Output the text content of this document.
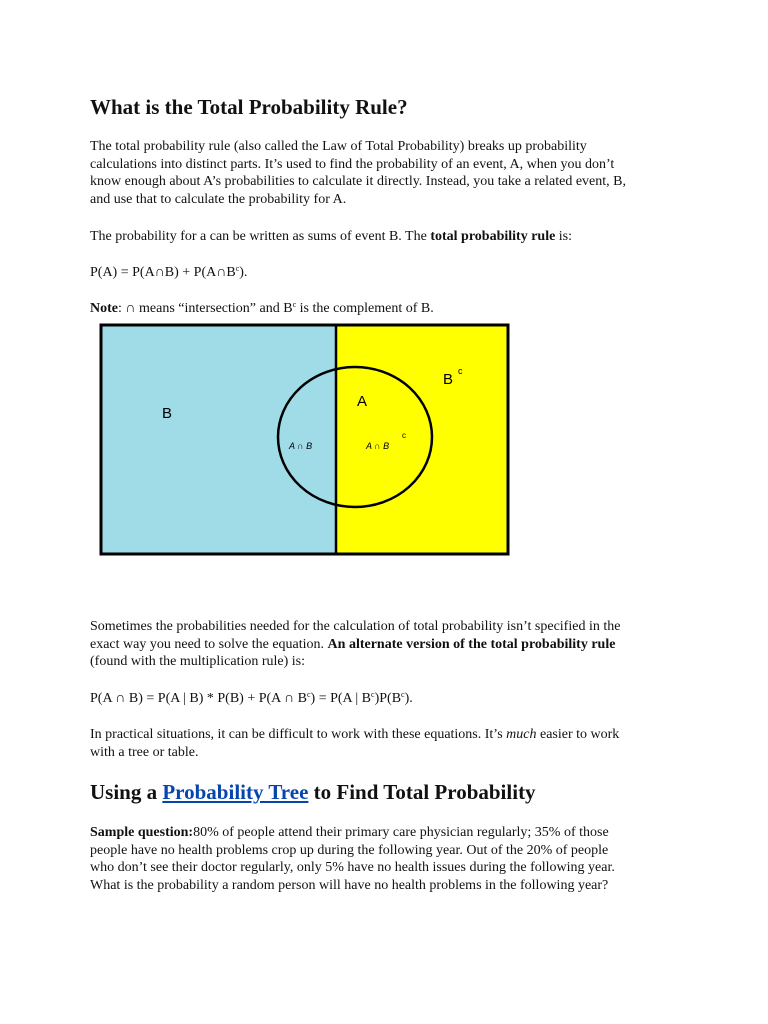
What is the Total Probability Rule?

The total probability rule (also called the Law of Total Probability) breaks up probability
calculations into distinct parts. It’s used to find the probability of an event, A, when you don’t
know enough about A’s probabilities to calculate it directly. Instead, you take a related event, B,
and use that to calculate the probability for A.

The probability for a can be written as sums of event B. The total probability rule is:

P(A) = P(A∩B) + $P(A\cap B^c)$.

Note: ∩ means “intersection” and $B^c$ is the complement of B.

Sometimes the probabilities needed for the calculation of total probability isn’t specified in the
exact way you need to solve the equation. An alternate version of the total probability rule
(found with the multiplication rule) is:

P(A ∩ B) = P(A | B) * P(B) + P(A ∩ $B^c) = P(A$ | $B^c)P(B^c)$.

In practical situations, it can be difficult to work with these equations. It’s much easier to work
with a tree or table.

Using a Probability Tree to Find Total Probability

Sample question:80% of people attend their primary care physician regularly; 35% of those
people have no health problems crop up during the following year. Out of the 20% of people
who don’t see their doctor regularly, only 5% have no health issues during the following year.
What is the probability a random person will have no health problems in the following year?

B
B c
A
A ∩ B	A ∩ B
c
